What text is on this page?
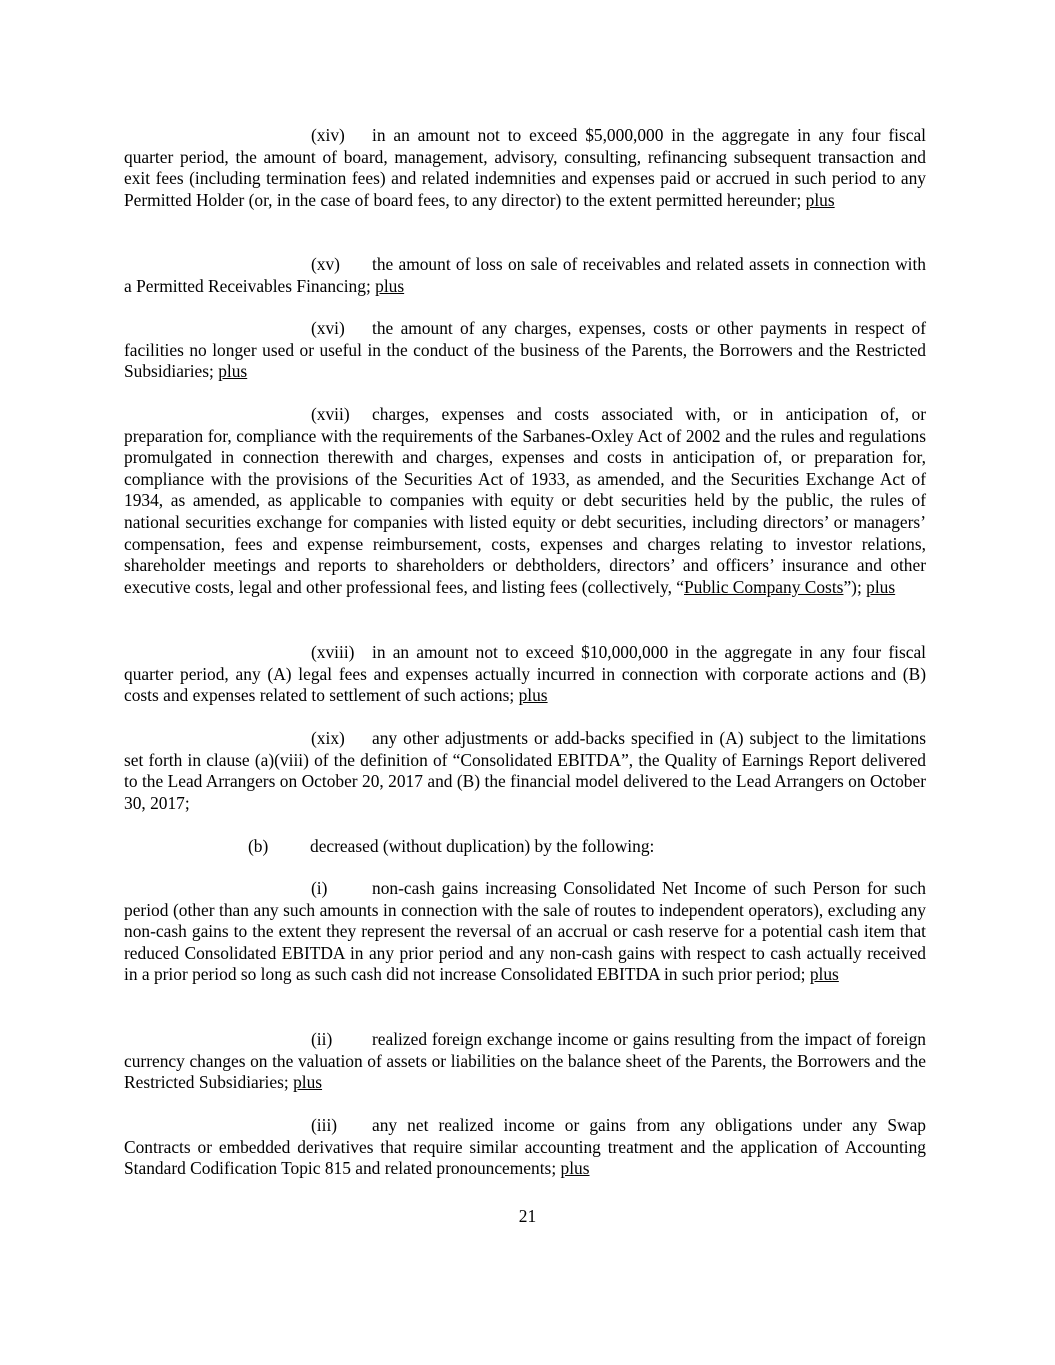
(xiv) in an amount not to exceed $5,000,000 in the aggregate in any four fiscal quarter period, the amount of board, management, advisory, consulting, refinancing subsequent transaction and exit fees (including termination fees) and related indemnities and expenses paid or accrued in such period to any Permitted Holder (or, in the case of board fees, to any director) to the extent permitted hereunder; plus

(xv) the amount of loss on sale of receivables and related assets in connection with a Permitted Receivables Financing; plus

(xvi) the amount of any charges, expenses, costs or other payments in respect of facilities no longer used or useful in the conduct of the business of the Parents, the Borrowers and the Restricted Subsidiaries; plus

(xvii) charges, expenses and costs associated with, or in anticipation of, or preparation for, compliance with the requirements of the Sarbanes-Oxley Act of 2002 and the rules and regulations promulgated in connection therewith and charges, expenses and costs in anticipation of, or preparation for, compliance with the provisions of the Securities Act of 1933, as amended, and the Securities Exchange Act of 1934, as amended, as applicable to companies with equity or debt securities held by the public, the rules of national securities exchange for companies with listed equity or debt securities, including directors’ or managers’ compensation, fees and expense reimbursement, costs, expenses and charges relating to investor relations, shareholder meetings and reports to shareholders or debtholders, directors’ and officers’ insurance and other executive costs, legal and other professional fees, and listing fees (collectively, “Public Company Costs”); plus

(xviii) in an amount not to exceed $10,000,000 in the aggregate in any four fiscal quarter period, any (A) legal fees and expenses actually incurred in connection with corporate actions and (B) costs and expenses related to settlement of such actions; plus

(xix) any other adjustments or add-backs specified in (A) subject to the limitations set forth in clause (a)(viii) of the definition of “Consolidated EBITDA”, the Quality of Earnings Report delivered to the Lead Arrangers on October 20, 2017 and (B) the financial model delivered to the Lead Arrangers on October 30, 2017;

(b) decreased (without duplication) by the following:

(i)	non-cash gains increasing Consolidated Net Income of such Person for such period (other than any such amounts in connection with the sale of routes to independent operators), excluding any non-cash gains to the extent they represent the reversal of an accrual or cash reserve for a potential cash item that reduced Consolidated EBITDA in any prior period and any non-cash gains with respect to cash actually received in a prior period so long as such cash did not increase Consolidated EBITDA in such prior period; plus

(ii) realized foreign exchange income or gains resulting from the impact of foreign currency changes on the valuation of assets or liabilities on the balance sheet of the Parents, the Borrowers and the Restricted Subsidiaries; plus

(iii) any net realized income or gains from any obligations under any Swap Contracts or embedded derivatives that require similar accounting treatment and the application of Accounting Standard Codification Topic 815 and related pronouncements; plus

21
